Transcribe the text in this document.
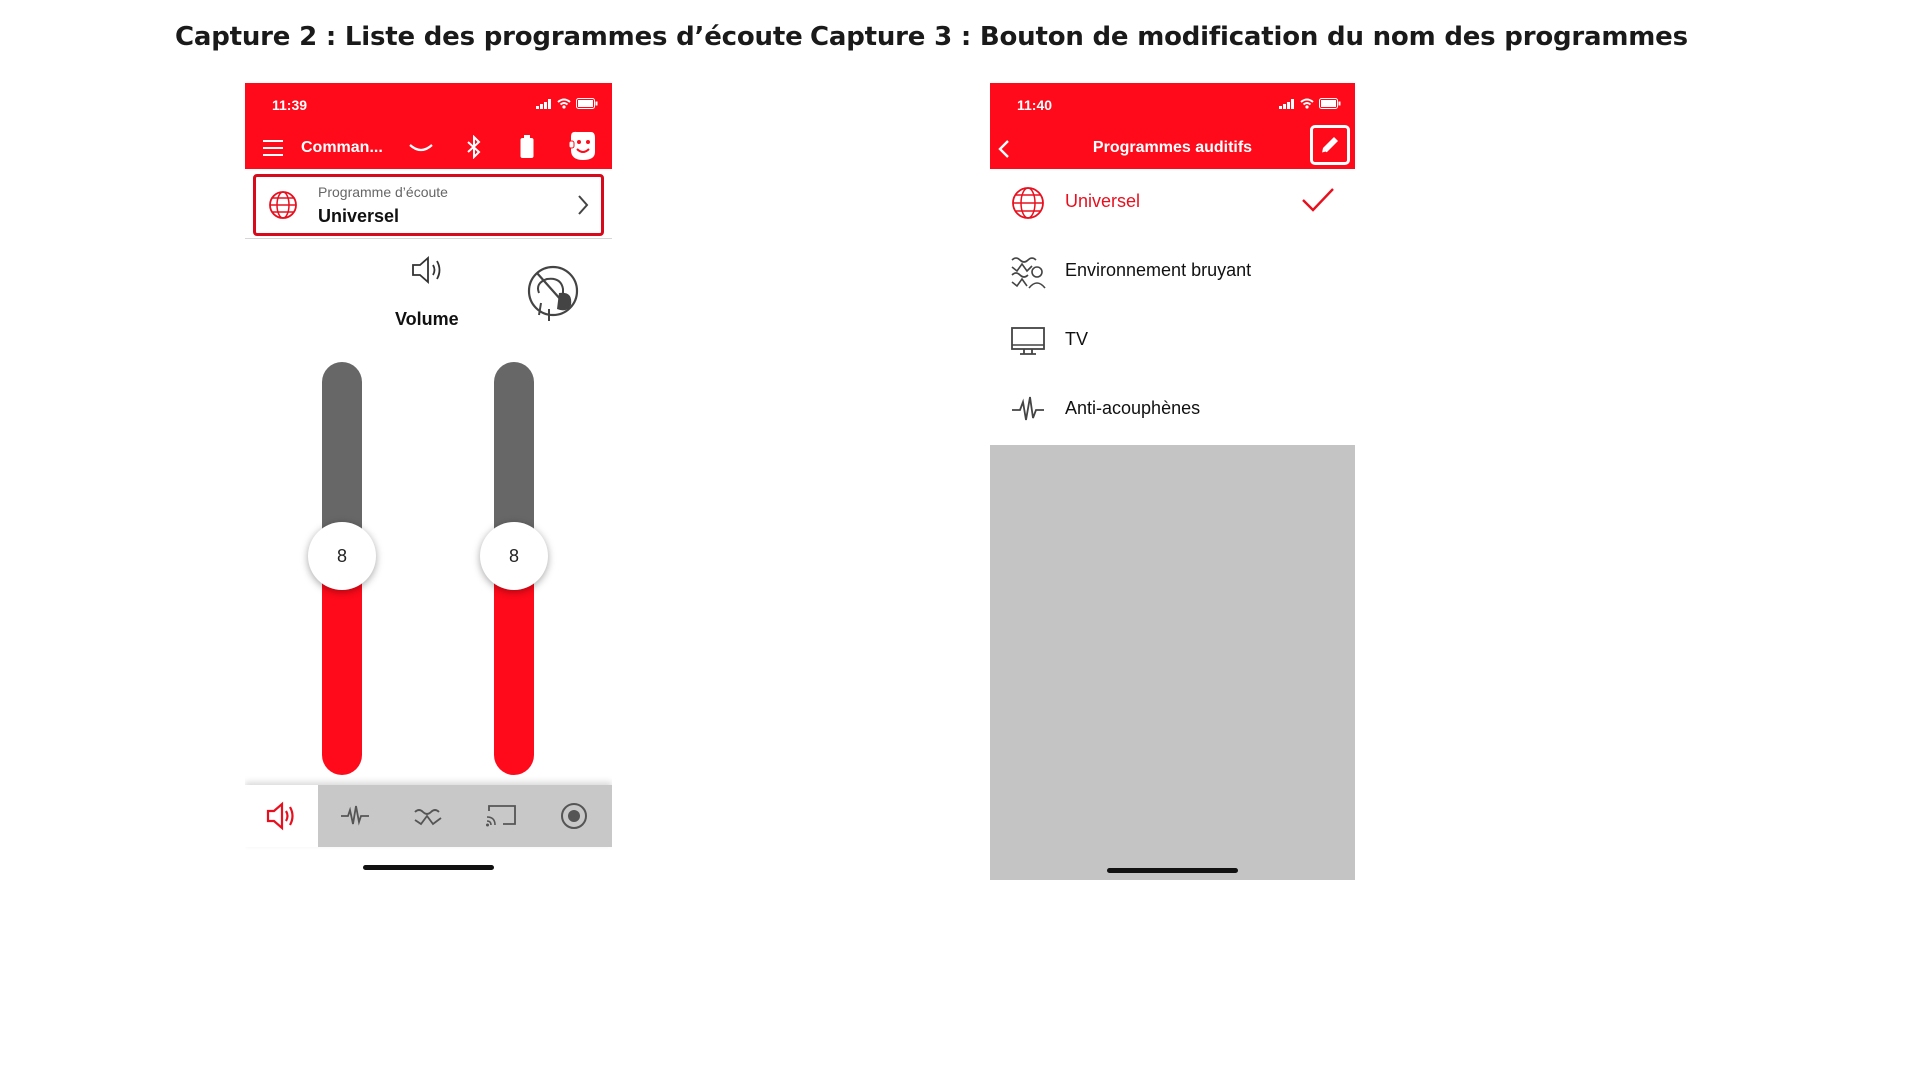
Capture 2 : Liste des programmes d’écoute Capture 3 : Bouton de modification du nom des programmes
11:39
Comman...
Programme d’écoute
Universel
Volume
8	8
11:40
Programmes auditifs
Universel
Environnement bruyant
TV
Anti-acouphènes
